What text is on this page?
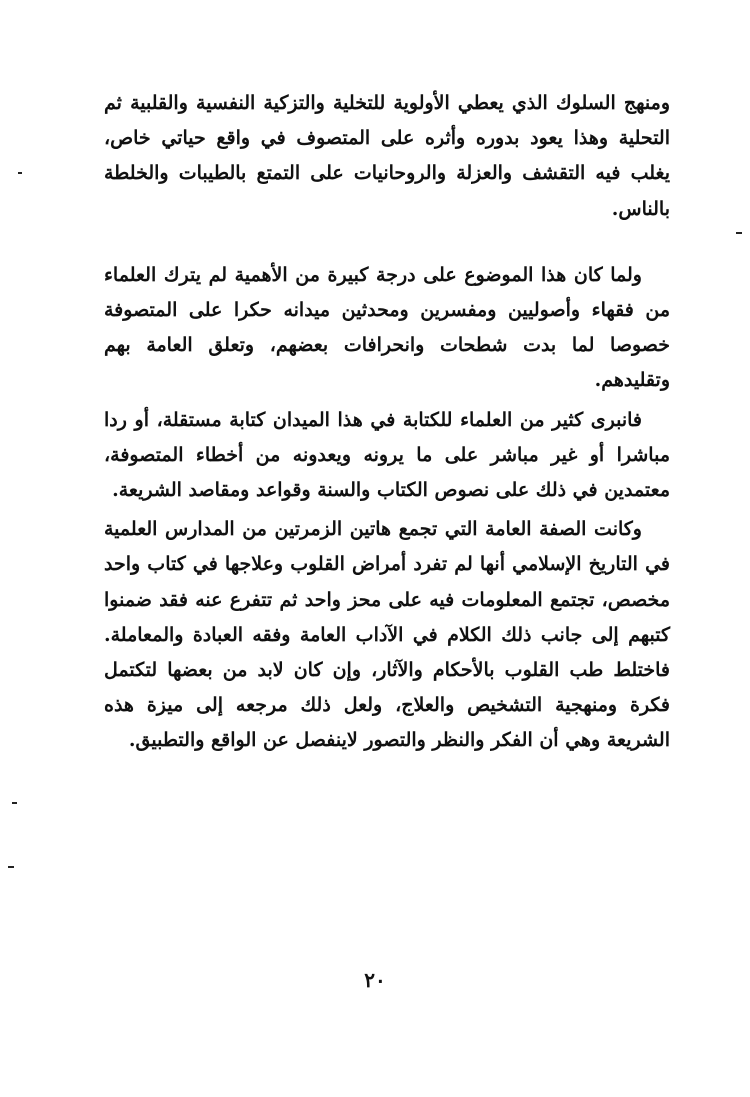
ومنهج السلوك الذي يعطي الأولوية للتخلية والتزكية النفسية والقلبية ثم التحلية وهذا يعود بدوره وأثره على المتصوف في واقع حياتي خاص، يغلب فيه التقشف والعزلة والروحانيات على التمتع بالطيبات والخلطة بالناس.

ولما كان هذا الموضوع على درجة كبيرة من الأهمية لم يترك العلماء من فقهاء وأصوليين ومفسرين ومحدثين ميدانه حكرا على المتصوفة خصوصا لما بدت شطحات وانحرافات بعضهم، وتعلق العامة بهم وتقليدهم.

فانبرى كثير من العلماء للكتابة في هذا الميدان كتابة مستقلة، أو ردا مباشرا أو غير مباشر على ما يرونه ويعدونه من أخطاء المتصوفة، معتمدين في ذلك على نصوص الكتاب والسنة وقواعد ومقاصد الشريعة.

وكانت الصفة العامة التي تجمع هاتين الزمرتين من المدارس العلمية في التاريخ الإسلامي أنها لم تفرد أمراض القلوب وعلاجها في كتاب واحد مخصص، تجتمع المعلومات فيه على محز واحد ثم تتفرع عنه فقد ضمنوا كتبهم إلى جانب ذلك الكلام في الآداب العامة وفقه العبادة والمعاملة. فاختلط طب القلوب بالأحكام والآثار، وإن كان لابد من بعضها لتكتمل فكرة ومنهجية التشخيص والعلاج، ولعل ذلك مرجعه إلى ميزة هذه الشريعة وهي أن الفكر والنظر والتصور لاينفصل عن الواقع والتطبيق.

٢٠
